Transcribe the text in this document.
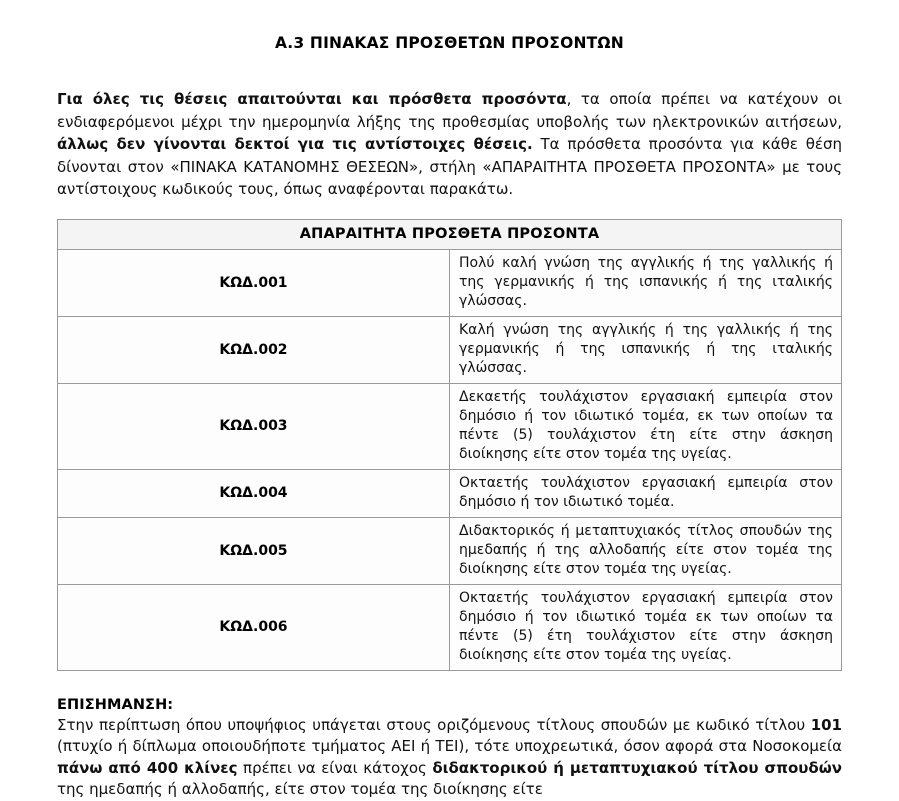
Α.3 ΠΙΝΑΚΑΣ ΠΡΟΣΘΕΤΩΝ ΠΡΟΣΟΝΤΩΝ

Για όλες τις θέσεις απαιτούνται και πρόσθετα προσόντα, τα οποία πρέπει να κατέχουν οι ενδιαφερόμενοι μέχρι την ημερομηνία λήξης της προθεσμίας υποβολής των ηλεκτρονικών αιτήσεων, άλλως δεν γίνονται δεκτοί για τις αντίστοιχες θέσεις. Τα πρόσθετα προσόντα για κάθε θέση δίνονται στον «ΠΙΝΑΚΑ ΚΑΤΑΝΟΜΗΣ ΘΕΣΕΩΝ», στήλη «ΑΠΑΡΑΙΤΗΤΑ ΠΡΟΣΘΕΤΑ ΠΡΟΣΟΝΤΑ» με τους αντίστοιχους κωδικούς τους, όπως αναφέρονται παρακάτω.

ΑΠΑΡΑΙΤΗΤΑ ΠΡΟΣΘΕΤΑ ΠΡΟΣΟΝΤΑ	
ΚΩΔ.001	Πολύ καλή γνώση της αγγλικής ή της γαλλικής ή της γερμανικής ή της ισπανικής ή της ιταλικής γλώσσας.
ΚΩΔ.002	Καλή γνώση της αγγλικής ή της γαλλικής ή της γερμανικής ή της ισπανικής ή της ιταλικής γλώσσας.
ΚΩΔ.003	Δεκαετής τουλάχιστον εργασιακή εμπειρία στον δημόσιο ή τον ιδιωτικό τομέα, εκ των οποίων τα πέντε (5) τουλάχιστον έτη είτε στην άσκηση διοίκησης είτε στον τομέα της υγείας.
ΚΩΔ.004	Οκταετής τουλάχιστον εργασιακή εμπειρία στον δημόσιο ή τον ιδιωτικό τομέα.
ΚΩΔ.005	Διδακτορικός ή μεταπτυχιακός τίτλος σπουδών της ημεδαπής ή της αλλοδαπής είτε στον τομέα της διοίκησης είτε στον τομέα της υγείας.
ΚΩΔ.006	Οκταετής τουλάχιστον εργασιακή εμπειρία στον δημόσιο ή τον ιδιωτικό τομέα εκ των οποίων τα πέντε (5) έτη τουλάχιστον είτε στην άσκηση διοίκησης είτε στον τομέα της υγείας.
ΕΠΙΣΗΜΑΝΣΗ:

Στην περίπτωση όπου υποψήφιος υπάγεται στους οριζόμενους τίτλους σπουδών με κωδικό τίτλου 101 (πτυχίο ή δίπλωμα οποιουδήποτε τμήματος ΑΕΙ ή ΤΕΙ), τότε υποχρεωτικά, όσον αφορά στα Νοσοκομεία πάνω από 400 κλίνες πρέπει να είναι κάτοχος διδακτορικού ή μεταπτυχιακού τίτλου σπουδών της ημεδαπής ή αλλοδαπής, είτε στον τομέα της διοίκησης είτε
